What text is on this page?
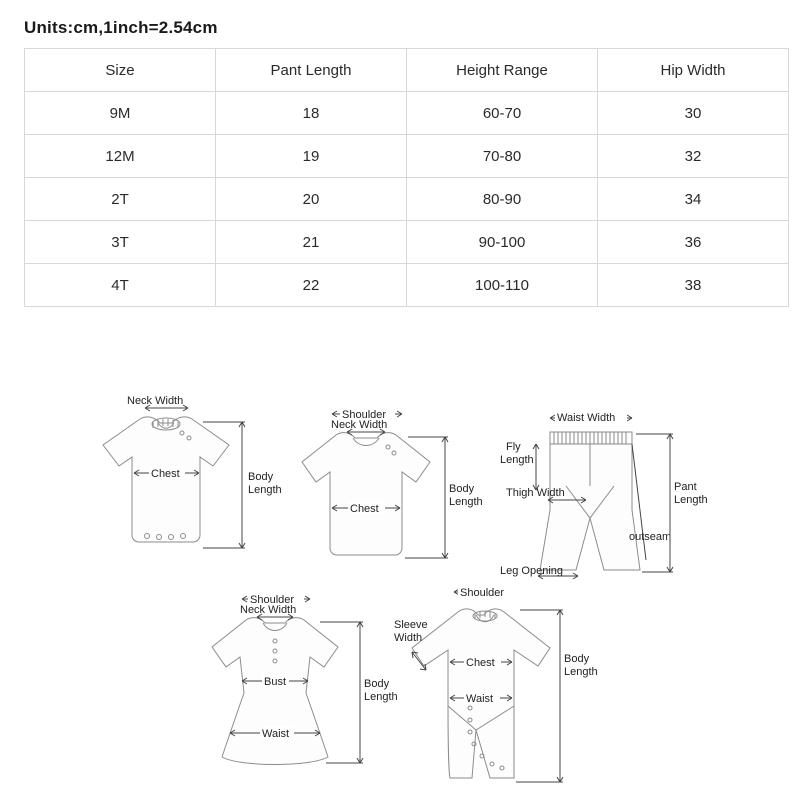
Units:cm,1inch=2.54cm
Size	Pant Length	Height Range	Hip Width
9M	18	60-70	30
12M	19	70-80	32
2T	20	80-90	34
3T	21	90-100	36
4T	22	100-110	38
Neck Width
Chest	Body
Length
Shoulder
Neck Width
Chest
Body
Length
Waist Width
Fly
Length
Thigh Width
Leg Opening
outseam
Pant
Length
Shoulder
Neck Width
Bust
Waist
Body
Length
Shoulder
Sleeve
Width
Chest
Waist
Body
Length
